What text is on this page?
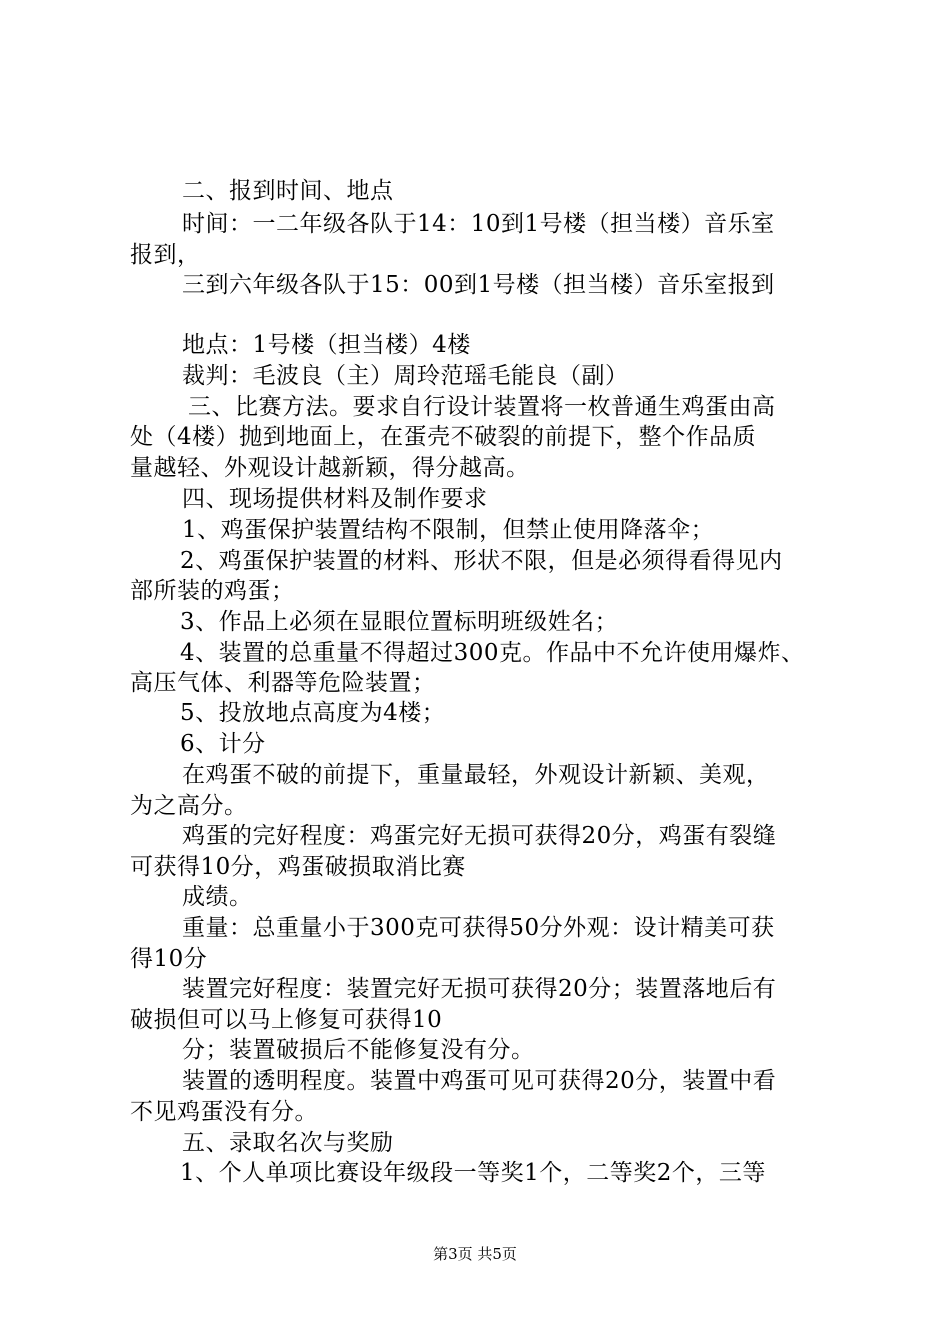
二、报到时间、地点
时间：一二年级各队于14：10到1号楼（担当楼）音乐室
报到，
三到六年级各队于15：00到1号楼（担当楼）音乐室报到
地点：1号楼（担当楼）4楼
裁判：毛波良（主）周玲范瑶毛能良（副）
三、比赛方法。要求自行设计装置将一枚普通生鸡蛋由高
处（4楼）抛到地面上，在蛋壳不破裂的前提下，整个作品质
量越轻、外观设计越新颖，得分越高。
四、现场提供材料及制作要求
1、鸡蛋保护装置结构不限制，但禁止使用降落伞；
2、鸡蛋保护装置的材料、形状不限，但是必须得看得见内
部所装的鸡蛋；
3、作品上必须在显眼位置标明班级姓名；
4、装置的总重量不得超过300克。作品中不允许使用爆炸、
高压气体、利器等危险装置；
5、投放地点高度为4楼；
6、计分
在鸡蛋不破的前提下，重量最轻，外观设计新颖、美观，
为之高分。
鸡蛋的完好程度：鸡蛋完好无损可获得20分，鸡蛋有裂缝
可获得10分，鸡蛋破损取消比赛
成绩。
重量：总重量小于300克可获得50分外观：设计精美可获
得10分
装置完好程度：装置完好无损可获得20分；装置落地后有
破损但可以马上修复可获得10
分；装置破损后不能修复没有分。
装置的透明程度。装置中鸡蛋可见可获得20分，装置中看
不见鸡蛋没有分。
五、录取名次与奖励
1、个人单项比赛设年级段一等奖1个，二等奖2个，三等
第3页 共5页
